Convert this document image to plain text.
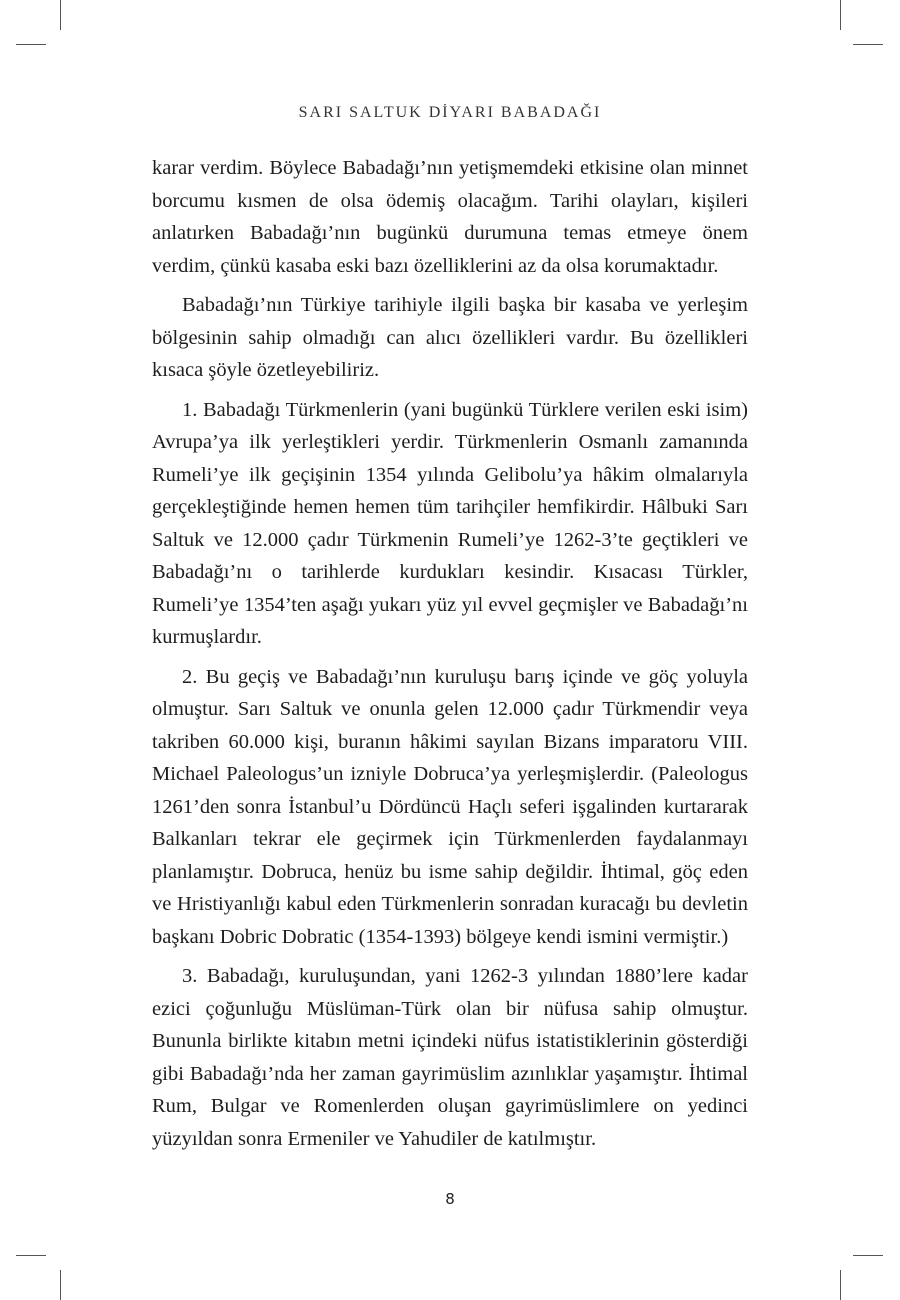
SARI SALTUK DİYARI BABADAĞI

karar verdim. Böylece Babadağı’nın yetişmemdeki etkisine olan minnet borcumu kısmen de olsa ödemiş olacağım. Tarihi olayları, kişileri anlatırken Babadağı’nın bugünkü durumuna temas etmeye önem verdim, çünkü kasaba eski bazı özelliklerini az da olsa korumaktadır.

Babadağı’nın Türkiye tarihiyle ilgili başka bir kasaba ve yerleşim bölgesinin sahip olmadığı can alıcı özellikleri vardır. Bu özellikleri kısaca şöyle özetleyebiliriz.

1. Babadağı Türkmenlerin (yani bugünkü Türklere verilen eski isim) Avrupa’ya ilk yerleştikleri yerdir. Türkmenlerin Osmanlı zamanında Rumeli’ye ilk geçişinin 1354 yılında Gelibolu’ya hâkim olmalarıyla gerçekleştiğinde hemen hemen tüm tarihçiler hemfikirdir. Hâlbuki Sarı Saltuk ve 12.000 çadır Türkmenin Rumeli’ye 1262-3’te geçtikleri ve Babadağı’nı o tarihlerde kurdukları kesindir. Kısacası Türkler, Rumeli’ye 1354’ten aşağı yukarı yüz yıl evvel geçmişler ve Babadağı’nı kurmuşlardır.

2. Bu geçiş ve Babadağı’nın kuruluşu barış içinde ve göç yoluyla olmuştur. Sarı Saltuk ve onunla gelen 12.000 çadır Türkmendir veya takriben 60.000 kişi, buranın hâkimi sayılan Bizans imparatoru VIII. Michael Paleologus’un izniyle Dobruca’ya yerleşmişlerdir. (Paleologus 1261’den sonra İstanbul’u Dördüncü Haçlı seferi işgalinden kurtararak Balkanları tekrar ele geçirmek için Türkmenlerden faydalanmayı planlamıştır. Dobruca, henüz bu isme sahip değildir. İhtimal, göç eden ve Hristiyanlığı kabul eden Türkmenlerin sonradan kuracağı bu devletin başkanı Dobric Dobratic (1354-1393) bölgeye kendi ismini vermiştir.)

3. Babadağı, kuruluşundan, yani 1262-3 yılından 1880’lere kadar ezici çoğunluğu Müslüman-Türk olan bir nüfusa sahip olmuştur. Bununla birlikte kitabın metni içindeki nüfus istatistiklerinin gösterdiği gibi Babadağı’nda her zaman gayrimüslim azınlıklar yaşamıştır. İhtimal Rum, Bulgar ve Romenlerden oluşan gayrimüslimlere on yedinci yüzyıldan sonra Ermeniler ve Yahudiler de katılmıştır.

8
